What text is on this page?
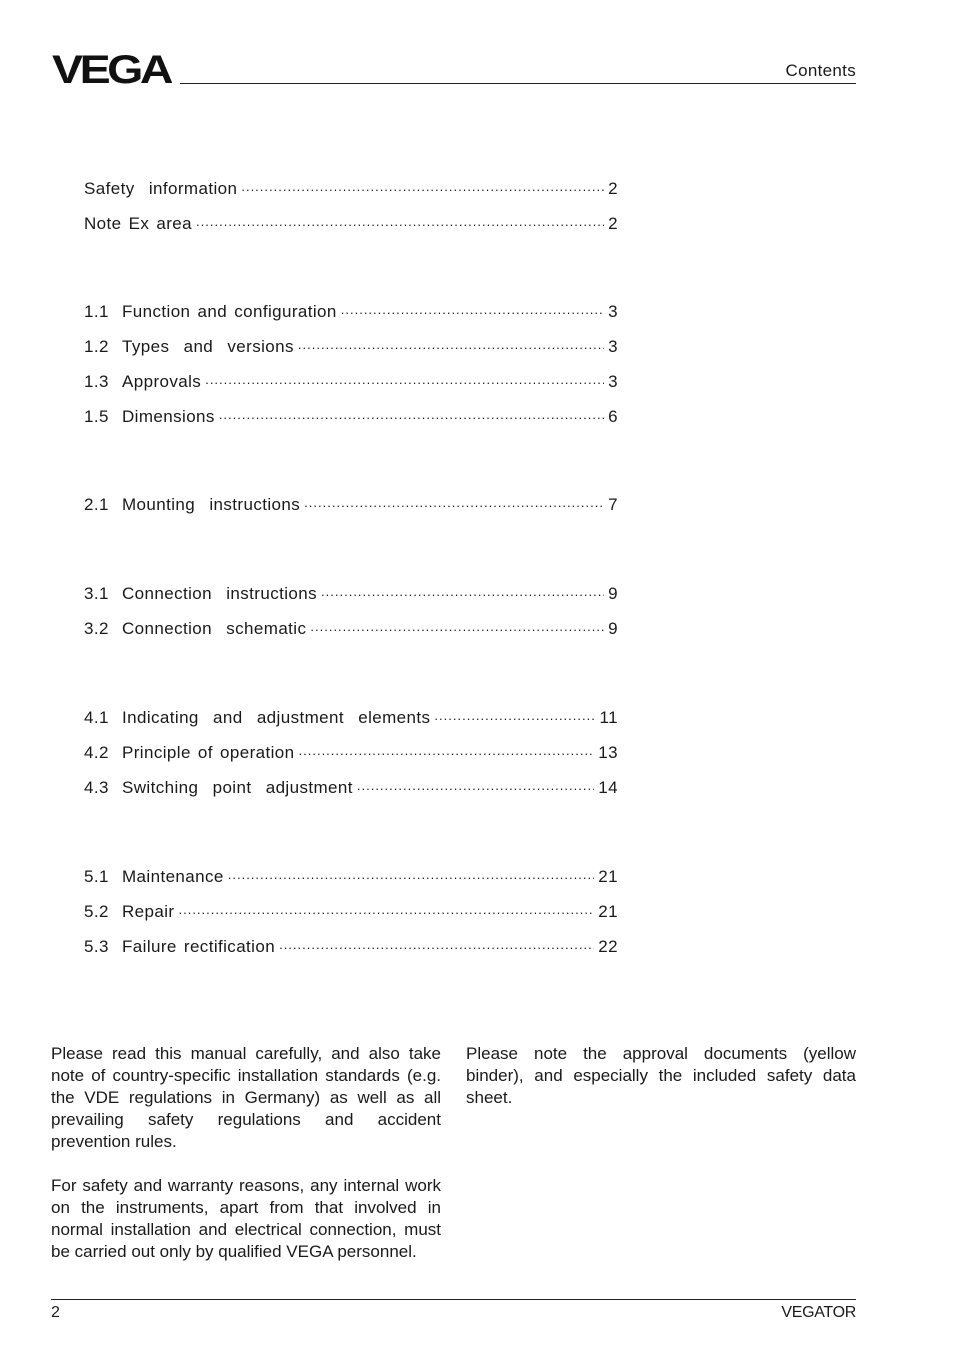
VEGA	Contents
Safety  information .....	2
Note Ex area .....	2
1.1 Function and configuration .....	3
1.2 Types  and  versions .....	3
1.3 Approvals .....	3
1.5 Dimensions .....	6
2.1 Mounting  instructions .....	7
3.1 Connection  instructions .....	9
3.2 Connection  schematic .....	9
4.1 Indicating  and  adjustment  elements .....	11
4.2 Principle of operation .....	13
4.3 Switching  point  adjustment .....	14
5.1 Maintenance .....	21
5.2 Repair .....	21
5.3 Failure rectification .....	22

Please read this manual carefully, and also take note of country-specific installation standards (e.g. the VDE regulations in Germany) as well as all prevailing safety regulations and accident prevention rules.

For safety and warranty reasons, any internal work on the instruments, apart from that involved in normal installation and electrical connection, must be carried out only by qualified VEGA personnel.

Please note the approval documents (yellow binder), and especially the included safety data sheet.

2	VEGATOR
